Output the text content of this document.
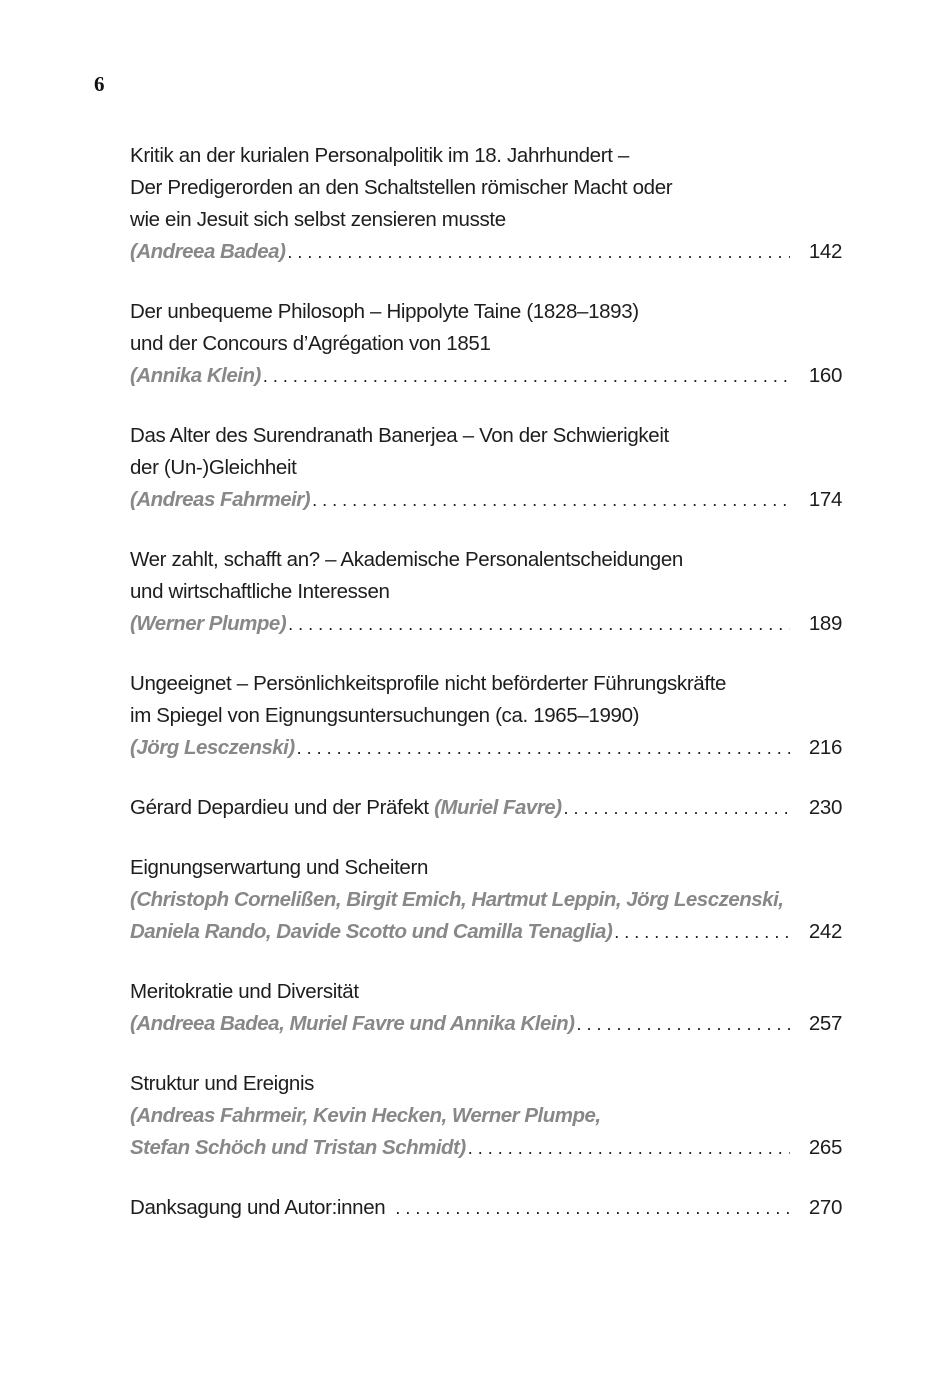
6
Kritik an der kurialen Personalpolitik im 18. Jahrhundert –
Der Predigerorden an den Schaltstellen römischer Macht oder
wie ein Jesuit sich selbst zensieren musste
(Andreea Badea) . . .	142
Der unbequeme Philosoph – Hippolyte Taine (1828–1893)
und der Concours d’Agrégation von 1851
(Annika Klein) . . .	160
Das Alter des Surendranath Banerjea – Von der Schwierigkeit
der (Un-)Gleichheit
(Andreas Fahrmeir) . . .	174
Wer zahlt, schafft an? – Akademische Personalentscheidungen
und wirtschaftliche Interessen
(Werner Plumpe) . . .	189
Ungeeignet – Persönlichkeitsprofile nicht beförderter Führungskräfte
im Spiegel von Eignungsuntersuchungen (ca. 1965–1990)
(Jörg Lesczenski) . . .	216
Gérard Depardieu und der Präfekt (Muriel Favre) . . .	230
Eignungserwartung und Scheitern
(Christoph Cornelißen, Birgit Emich, Hartmut Leppin, Jörg Lesczenski,
Daniela Rando, Davide Scotto und Camilla Tenaglia) . . .	242
Meritokratie und Diversität
(Andreea Badea, Muriel Favre und Annika Klein) . . .	257
Struktur und Ereignis
(Andreas Fahrmeir, Kevin Hecken, Werner Plumpe,
Stefan Schöch und Tristan Schmidt) . . .	265
Danksagung und Autor:innen . . .	270
